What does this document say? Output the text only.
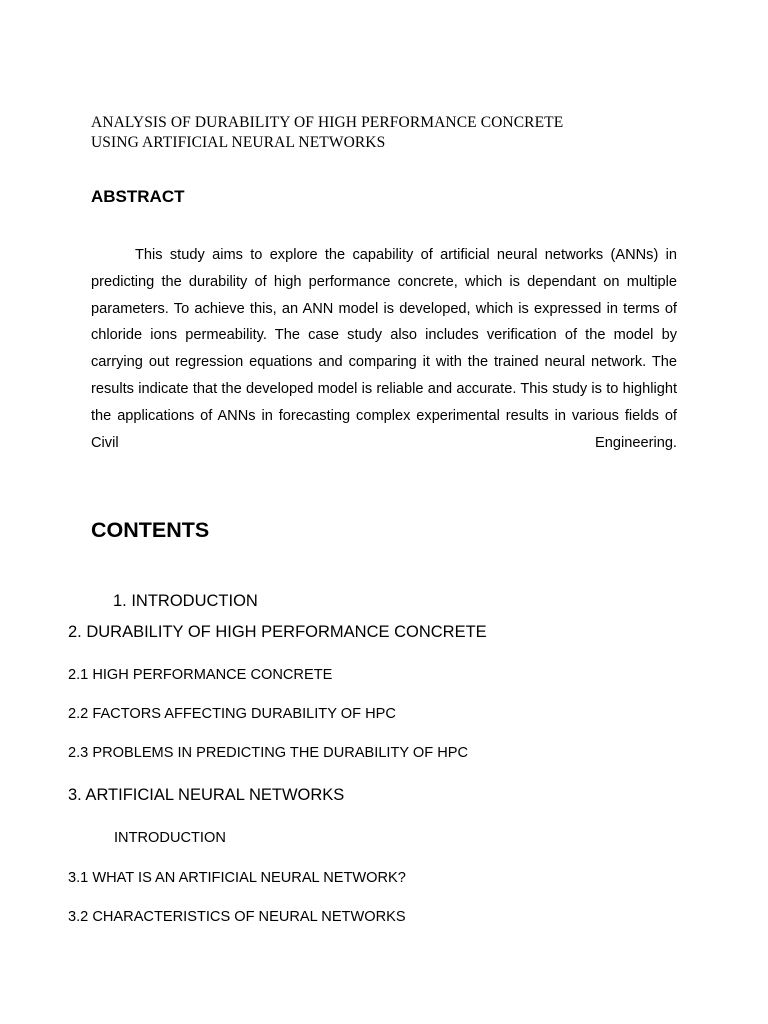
ANALYSIS OF DURABILITY OF HIGH PERFORMANCE CONCRETE
USING ARTIFICIAL NEURAL NETWORKS
ABSTRACT

This study aims to explore the capability of artificial neural networks (ANNs) in predicting the durability of high performance concrete, which is dependant on multiple parameters. To achieve this, an ANN model is developed, which is expressed in terms of chloride ions permeability. The case study also includes verification of the model by carrying out regression equations and comparing it with the trained neural network. The results indicate that the developed model is reliable and accurate. This study is to highlight the applications of ANNs in forecasting complex experimental results in various fields of Civil Engineering.

CONTENTS
1. INTRODUCTION
2. DURABILITY OF HIGH PERFORMANCE CONCRETE
2.1 HIGH PERFORMANCE CONCRETE
2.2 FACTORS AFFECTING DURABILITY OF HPC
2.3 PROBLEMS IN PREDICTING THE DURABILITY OF HPC
3. ARTIFICIAL NEURAL NETWORKS
INTRODUCTION
3.1 WHAT IS AN ARTIFICIAL NEURAL NETWORK?
3.2 CHARACTERISTICS OF NEURAL NETWORKS
